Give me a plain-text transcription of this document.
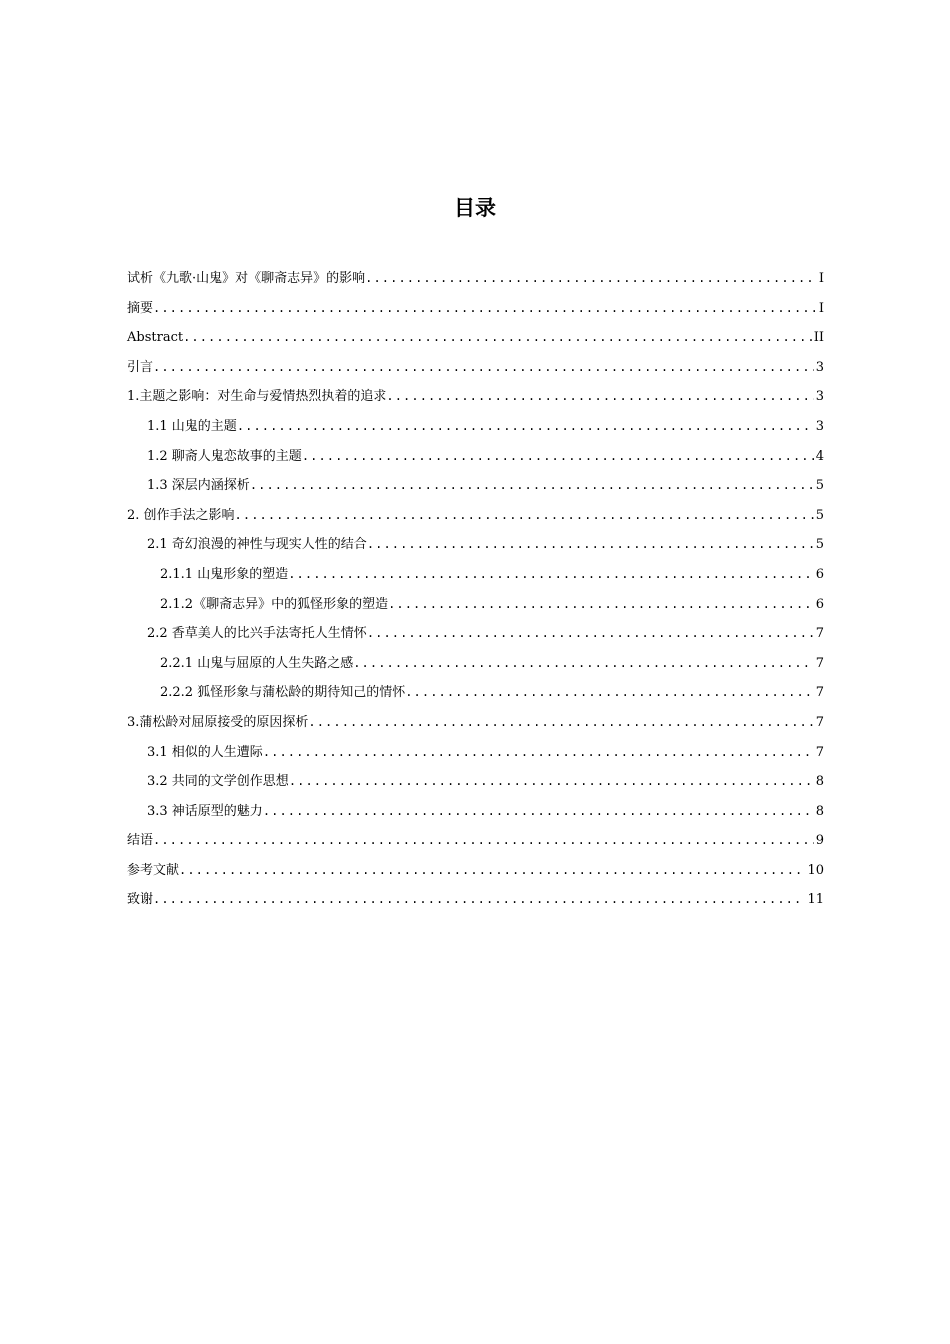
目录
试析《九歌·山鬼》对《聊斋志异》的影响 .....	I
摘要 .....	I
Abstract .....	II
引言 .....	3
1.主题之影响：对生命与爱情热烈执着的追求 .....	3
1.1 山鬼的主题 .....	3
1.2 聊斋人鬼恋故事的主题 .....	4
1.3 深层内涵探析 .....	5
2. 创作手法之影响 .....	5
2.1 奇幻浪漫的神性与现实人性的结合 .....	5
2.1.1 山鬼形象的塑造 .....	6
2.1.2《聊斋志异》中的狐怪形象的塑造 .....	6
2.2 香草美人的比兴手法寄托人生情怀 .....	7
2.2.1 山鬼与屈原的人生失路之感 .....	7
2.2.2 狐怪形象与蒲松龄的期待知己的情怀 .....	7
3.蒲松龄对屈原接受的原因探析 .....	7
3.1 相似的人生遭际 .....	7
3.2 共同的文学创作思想 .....	8
3.3 神话原型的魅力 .....	8
结语 .....	9
参考文献 .....	10
致谢 .....	11
